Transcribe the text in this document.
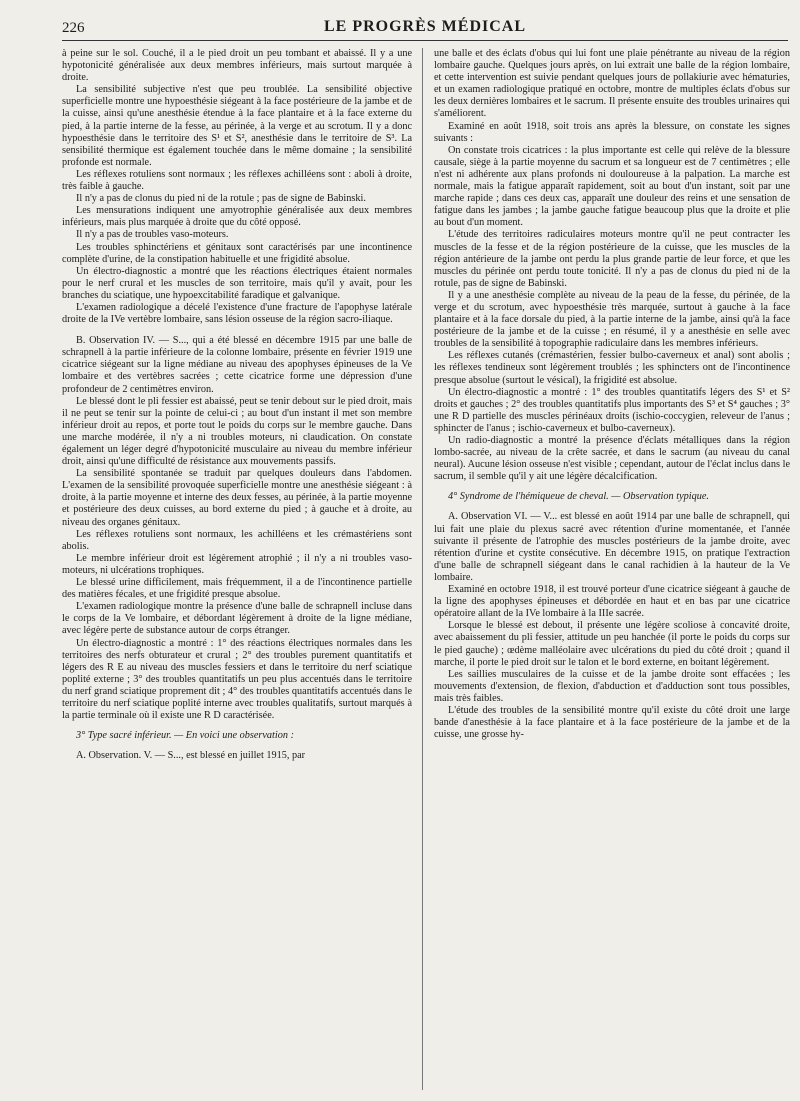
226	LE PROGRÈS MÉDICAL

à peine sur le sol. Couché, il a le pied droit un peu tombant et abaissé. Il y a une hypotonicité généralisée aux deux membres inférieurs, mais surtout marquée à droite.

La sensibilité subjective n'est que peu troublée. La sensibilité objective superficielle montre une hypoesthésie siégeant à la face postérieure de la jambe et de la cuisse, ainsi qu'une anesthésie étendue à la face plantaire et à la face externe du pied, à la partie interne de la fesse, au périnée, à la verge et au scrotum. Il y a donc hypoesthésie dans le territoire des S¹ et S², anesthésie dans le territoire de S³. La sensibilité thermique est également touchée dans le même domaine ; la sensibilité profonde est normale.

Les réflexes rotuliens sont normaux ; les réflexes achilléens sont : aboli à droite, très faible à gauche.

Il n'y a pas de clonus du pied ni de la rotule ; pas de signe de Babinski.

Les mensurations indiquent une amyotrophie généralisée aux deux membres inférieurs, mais plus marquée à droite que du côté opposé.

Il n'y a pas de troubles vaso-moteurs.

Les troubles sphinctériens et génitaux sont caractérisés par une incontinence complète d'urine, de la constipation habituelle et une frigidité absolue.

Un électro-diagnostic a montré que les réactions électriques étaient normales pour le nerf crural et les muscles de son territoire, mais qu'il y avait, pour les branches du sciatique, une hypoexcitabilité faradique et galvanique.

L'examen radiologique a décelé l'existence d'une fracture de l'apophyse latérale droite de la IVe vertèbre lombaire, sans lésion osseuse de la région sacro-iliaque.

B. Observation IV. — S..., qui a été blessé en décembre 1915 par une balle de schrapnell à la partie inférieure de la colonne lombaire, présente en février 1919 une cicatrice siégeant sur la ligne médiane au niveau des apophyses épineuses de la Ve lombaire et des vertèbres sacrées ; cette cicatrice forme une dépression d'une profondeur de 2 centimètres environ.

Le blessé dont le pli fessier est abaissé, peut se tenir debout sur le pied droit, mais il ne peut se tenir sur la pointe de celui-ci ; au bout d'un instant il met son membre inférieur droit au repos, et porte tout le poids du corps sur le membre gauche. Dans une marche modérée, il n'y a ni troubles moteurs, ni claudication. On constate également un léger degré d'hypotonicité musculaire au niveau du membre inférieur droit, ainsi qu'une difficulté de résistance aux mouvements passifs.

La sensibilité spontanée se traduit par quelques douleurs dans l'abdomen. L'examen de la sensibilité provoquée superficielle montre une anesthésie siégeant : à droite, à la partie moyenne et interne des deux fesses, au périnée, à la partie moyenne et postérieure des deux cuisses, au bord externe du pied ; à gauche et à droite, au niveau des organes génitaux.

Les réflexes rotuliens sont normaux, les achilléens et les crémastériens sont abolis.

Le membre inférieur droit est légèrement atrophié ; il n'y a ni troubles vaso-moteurs, ni ulcérations trophiques.

Le blessé urine difficilement, mais fréquemment, il a de l'incontinence partielle des matières fécales, et une frigidité presque absolue.

L'examen radiologique montre la présence d'une balle de schrapnell incluse dans le corps de la Ve lombaire, et débordant légèrement à droite de la ligne médiane, avec légère perte de substance autour de corps étranger.

Un électro-diagnostic a montré : 1° des réactions électriques normales dans les territoires des nerfs obturateur et crural ; 2° des troubles purement quantitatifs et légers des R E au niveau des muscles fessiers et dans le territoire du nerf sciatique poplité externe ; 3° des troubles quantitatifs un peu plus accentués dans le territoire du nerf grand sciatique proprement dit ; 4° des troubles quantitatifs accentués dans le territoire du nerf sciatique poplité interne avec troubles qualitatifs, surtout marqués à la partie terminale où il existe une R D caractérisée.

3° Type sacré inférieur. — En voici une observation :

A. Observation. V. — S..., est blessé en juillet 1915, par

une balle et des éclats d'obus qui lui font une plaie pénétrante au niveau de la région lombaire gauche. Quelques jours après, on lui extrait une balle de la région lombaire, et cette intervention est suivie pendant quelques jours de pollakiurie avec hématuries, et un examen radiologique pratiqué en octobre, montre de multiples éclats d'obus sur les deux dernières lombaires et le sacrum. Il présente ensuite des troubles urinaires qui s'améliorent.

Examiné en août 1918, soit trois ans après la blessure, on constate les signes suivants :

On constate trois cicatrices : la plus importante est celle qui relève de la blessure causale, siège à la partie moyenne du sacrum et sa longueur est de 7 centimètres ; elle n'est ni adhérente aux plans profonds ni douloureuse à la palpation. La marche est normale, mais la fatigue apparaît rapidement, soit au bout d'un instant, soit par une marche rapide ; dans ces deux cas, apparaît une douleur des reins et une sensation de fatigue dans les jambes ; la jambe gauche fatigue beaucoup plus que la droite et plie au bout d'un moment.

L'étude des territoires radiculaires moteurs montre qu'il ne peut contracter les muscles de la fesse et de la région postérieure de la cuisse, que les muscles de la région antérieure de la jambe ont perdu la plus grande partie de leur force, et que les muscles du périnée ont perdu toute tonicité. Il n'y a pas de clonus du pied ni de la rotule, pas de signe de Babinski.

Il y a une anesthésie complète au niveau de la peau de la fesse, du périnée, de la verge et du scrotum, avec hypoesthésie très marquée, surtout à gauche à la face plantaire et à la face dorsale du pied, à la partie interne de la jambe, ainsi qu'à la face postérieure de la jambe et de la cuisse ; en résumé, il y a anesthésie en selle avec troubles de la sensibilité à topographie radiculaire dans les membres inférieurs.

Les réflexes cutanés (crémastérien, fessier bulbo-caverneux et anal) sont abolis ; les réflexes tendineux sont légèrement troublés ; les sphincters ont de l'incontinence presque absolue (surtout le vésical), la frigidité est absolue.

Un électro-diagnostic a montré : 1° des troubles quantitatifs légers des S¹ et S² droits et gauches ; 2° des troubles quantitatifs plus importants des S³ et S⁴ gauches ; 3° une R D partielle des muscles périnéaux droits (ischio-coccygien, releveur de l'anus ; sphincter de l'anus ; ischio-caverneux et bulbo-caverneux).

Un radio-diagnostic a montré la présence d'éclats métalliques dans la région lombo-sacrée, au niveau de la crête sacrée, et dans le sacrum (au niveau du canal neural). Aucune lésion osseuse n'est visible ; cependant, autour de l'éclat inclus dans le sacrum, il semble qu'il y ait une légère décalcification.

4° Syndrome de l'hémiqueue de cheval. — Observation typique.

A. Observation VI. — V... est blessé en août 1914 par une balle de schrapnell, qui lui fait une plaie du plexus sacré avec rétention d'urine momentanée, et l'année suivante il présente de l'atrophie des muscles postérieurs de la jambe droite, avec rétention d'urine et cystite consécutive. En décembre 1915, on pratique l'extraction d'une balle de schrapnell siégeant dans le canal rachidien à la hauteur de la Ve lombaire.

Examiné en octobre 1918, il est trouvé porteur d'une cicatrice siégeant à gauche de la ligne des apophyses épineuses et débordée en haut et en bas par une cicatrice opératoire allant de la IVe lombaire à la IIIe sacrée.

Lorsque le blessé est debout, il présente une légère scoliose à concavité droite, avec abaissement du pli fessier, attitude un peu hanchée (il porte le poids du corps sur le pied gauche) ; œdème malléolaire avec ulcérations du pied du côté droit ; quand il marche, il porte le pied droit sur le talon et le bord externe, en boitant légèrement.

Les saillies musculaires de la cuisse et de la jambe droite sont effacées ; les mouvements d'extension, de flexion, d'abduction et d'adduction sont tous possibles, mais très faibles.

L'étude des troubles de la sensibilité montre qu'il existe du côté droit une large bande d'anesthésie à la face plantaire et à la face postérieure de la jambe et de la cuisse, une grosse hy-
